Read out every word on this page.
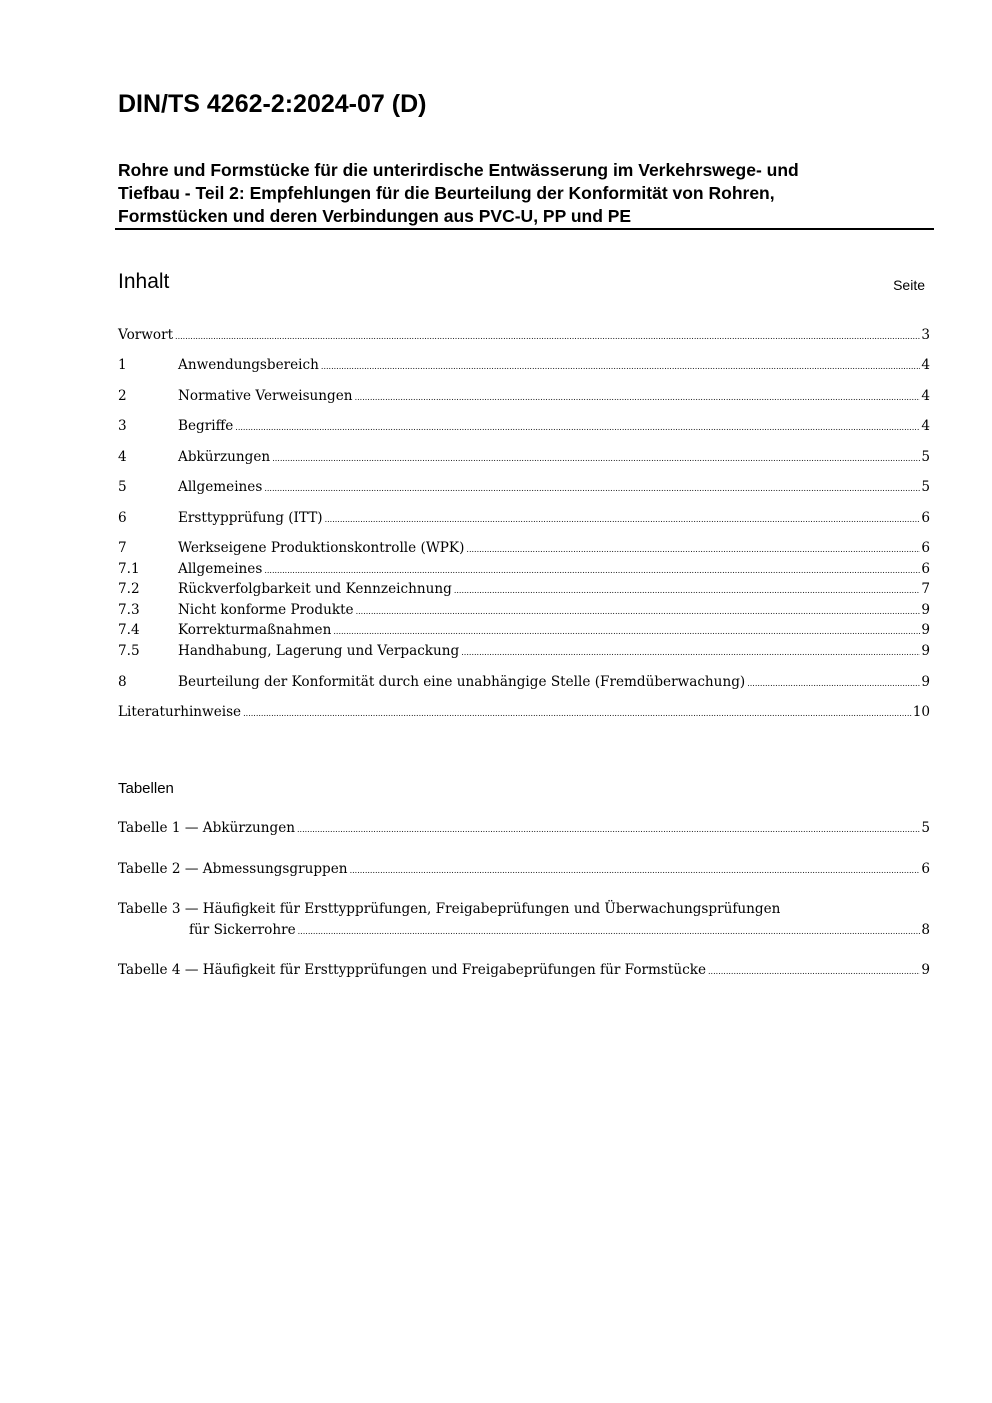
DIN/TS 4262-2:2024-07 (D)
Rohre und Formstücke für die unterirdische Entwässerung im Verkehrswege- und
Tiefbau - Teil 2: Empfehlungen für die Beurteilung der Konformität von Rohren,
Formstücken und deren Verbindungen aus PVC-U, PP und PE
Inhalt	Seite
Vorwort .....	3
1	Anwendungsbereich .....	4
2	Normative Verweisungen .....	4
3	Begriffe .....	4
4	Abkürzungen .....	5
5	Allgemeines .....	5
6	Ersttypprüfung (ITT) .....	6
7	Werkseigene Produktionskontrolle (WPK) .....	6
7.1	Allgemeines .....	6
7.2	Rückverfolgbarkeit und Kennzeichnung .....	7
7.3	Nicht konforme Produkte .....	9
7.4	Korrekturmaßnahmen .....	9
7.5	Handhabung, Lagerung und Verpackung .....	9
8	Beurteilung der Konformität durch eine unabhängige Stelle (Fremdüberwachung) .....	9
Literaturhinweise .....	10
Tabellen
Tabelle 1 — Abkürzungen .....	5
Tabelle 2 — Abmessungsgruppen .....	6
Tabelle 3 — Häufigkeit für Ersttypprüfungen, Freigabeprüfungen und Überwachungsprüfungen
für Sickerrohre .....	8
Tabelle 4 — Häufigkeit für Ersttypprüfungen und Freigabeprüfungen für Formstücke .....	9
